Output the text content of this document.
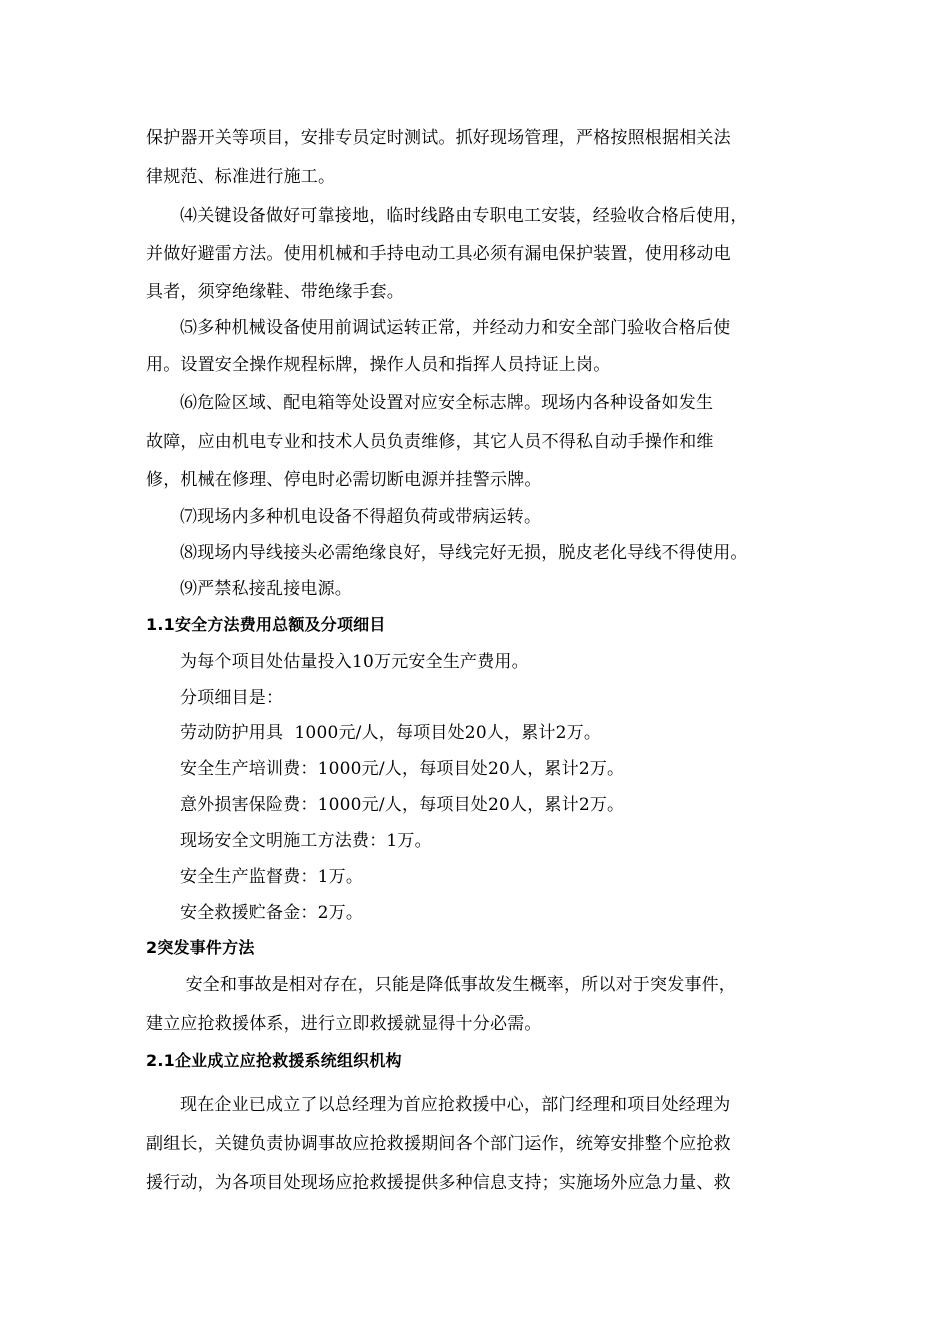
保护器开关等项目，安排专员定时测试。抓好现场管理，严格按照根据相关法
律规范、标准进行施工。
⑷关键设备做好可靠接地，临时线路由专职电工安装，经验收合格后使用，
并做好避雷方法。使用机械和手持电动工具必须有漏电保护装置，使用移动电
具者，须穿绝缘鞋、带绝缘手套。
⑸多种机械设备使用前调试运转正常，并经动力和安全部门验收合格后使
用。设置安全操作规程标牌，操作人员和指挥人员持证上岗。
⑹危险区域、配电箱等处设置对应安全标志牌。现场内各种设备如发生
故障，应由机电专业和技术人员负责维修，其它人员不得私自动手操作和维
修，机械在修理、停电时必需切断电源并挂警示牌。
⑺现场内多种机电设备不得超负荷或带病运转。
⑻现场内导线接头必需绝缘良好，导线完好无损，脱皮老化导线不得使用。
⑼严禁私接乱接电源。
1.1安全方法费用总额及分项细目
为每个项目处估量投入10万元安全生产费用。
分项细目是：
劳动防护用具  1000元/人，每项目处20人，累计2万。
安全生产培训费：1000元/人，每项目处20人，累计2万。
意外损害保险费：1000元/人，每项目处20人，累计2万。
现场安全文明施工方法费：1万。
安全生产监督费：1万。
安全救援贮备金：2万。
2突发事件方法
安全和事故是相对存在，只能是降低事故发生概率，所以对于突发事件，
建立应抢救援体系，进行立即救援就显得十分必需。
2.1企业成立应抢救援系统组织机构
现在企业已成立了以总经理为首应抢救援中心，部门经理和项目处经理为
副组长，关键负责协调事故应抢救援期间各个部门运作，统筹安排整个应抢救
援行动，为各项目处现场应抢救援提供多种信息支持；实施场外应急力量、救
